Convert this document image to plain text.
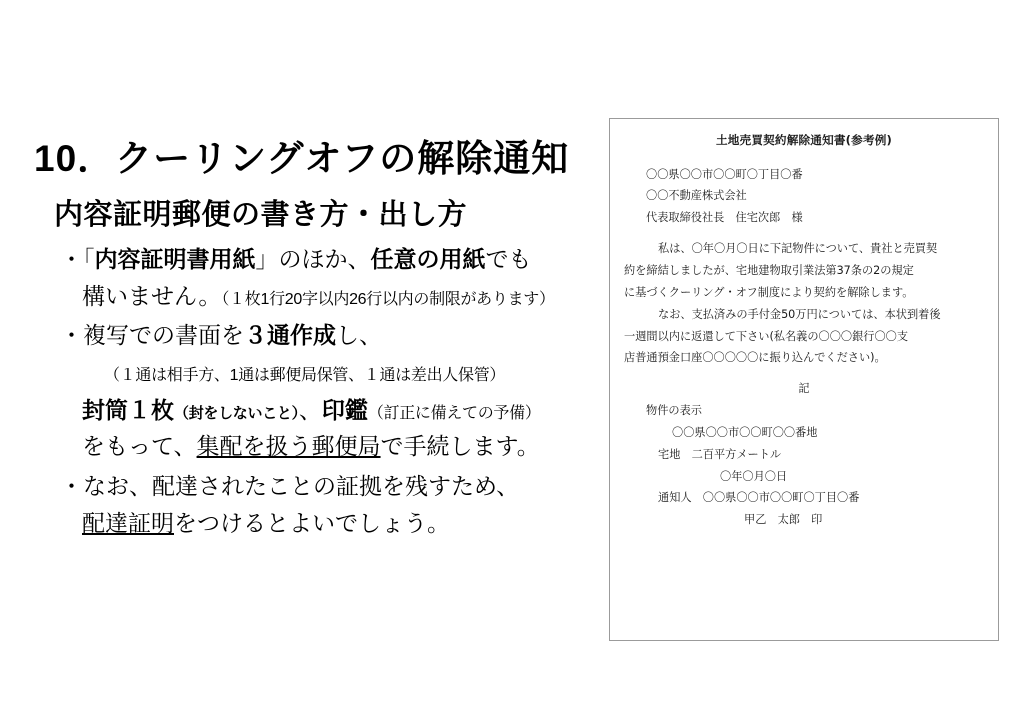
10．クーリングオフの解除通知
内容証明郵便の書き方・出し方

・「内容証明書用紙」のほか、任意の用紙でも

構いません。（１枚1行20字以内26行以内の制限があります）

・複写での書面を３通作成し、

（１通は相手方、1通は郵便局保管、１通は差出人保管）

封筒１枚（封をしないこと）、印鑑（訂正に備えての予備）

をもって、集配を扱う郵便局で手続します。

・なお、配達されたことの証拠を残すため、

配達証明をつけるとよいでしょう。

土地売買契約解除通知書(参考例)
〇〇県〇〇市〇〇町〇丁目〇番
〇〇不動産株式会社
代表取締役社長　住宅次郎　様
私は、〇年〇月〇日に下記物件について、貴社と売買契
約を締結しましたが、宅地建物取引業法第37条の2の規定
に基づくクーリング・オフ制度により契約を解除します。
なお、支払済みの手付金50万円については、本状到着後
一週間以内に返還して下さい(私名義の〇〇〇銀行〇〇支
店普通預金口座〇〇〇〇〇に振り込んでください)。
記
物件の表示
〇〇県〇〇市〇〇町〇〇番地
宅地　二百平方メートル
〇年〇月〇日
通知人　〇〇県〇〇市〇〇町〇丁目〇番
甲乙　太郎　印
